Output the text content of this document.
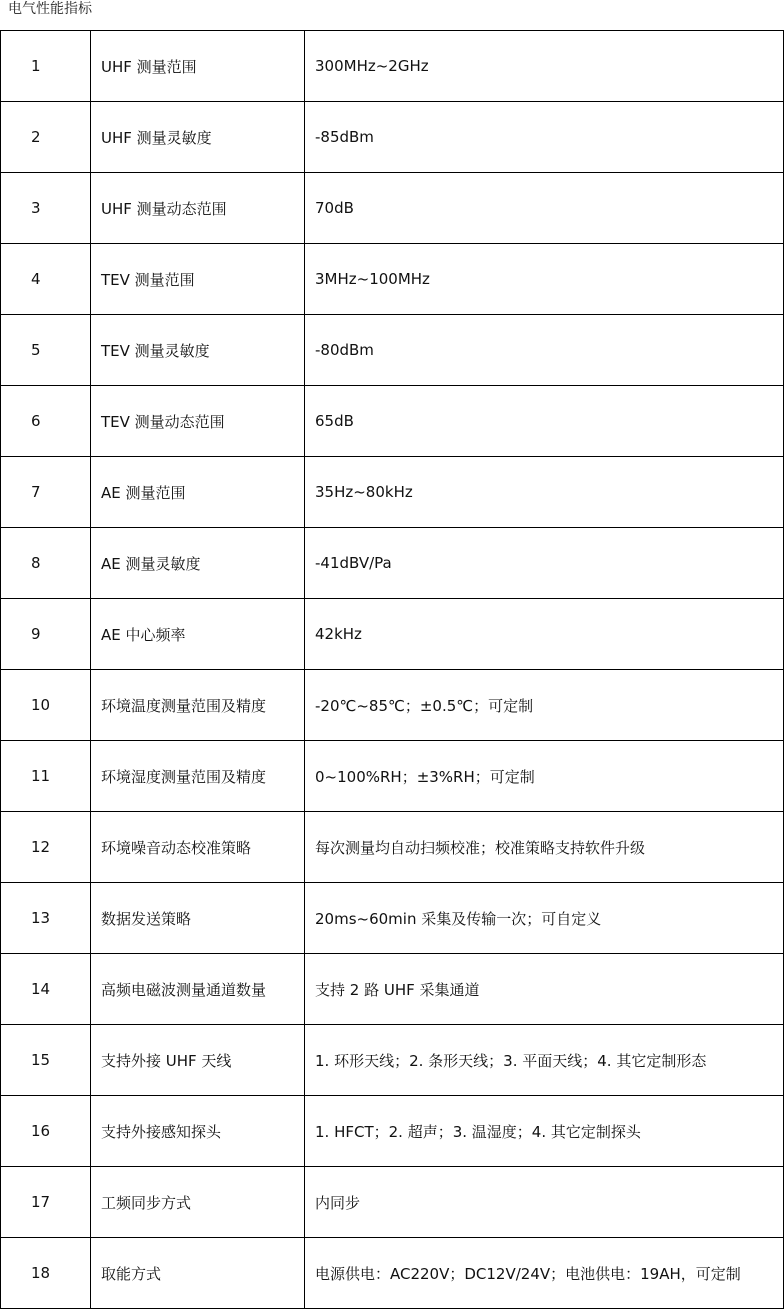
电气性能指标
1	UHF 测量范围	300MHz~2GHz
2	UHF 测量灵敏度	-85dBm
3	UHF 测量动态范围	70dB
4	TEV 测量范围	3MHz~100MHz
5	TEV 测量灵敏度	-80dBm
6	TEV 测量动态范围	65dB
7	AE 测量范围	35Hz~80kHz
8	AE 测量灵敏度	-41dBV/Pa
9	AE 中心频率	42kHz
10	环境温度测量范围及精度	-20℃~85℃；±0.5℃；可定制
11	环境湿度测量范围及精度	0~100%RH；±3%RH；可定制
12	环境噪音动态校准策略	每次测量均自动扫频校准；校准策略支持软件升级
13	数据发送策略	20ms~60min 采集及传输一次；可自定义
14	高频电磁波测量通道数量	支持 2 路 UHF 采集通道
15	支持外接 UHF 天线	1. 环形天线；2. 条形天线；3. 平面天线；4. 其它定制形态
16	支持外接感知探头	1. HFCT；2. 超声；3. 温湿度；4. 其它定制探头
17	工频同步方式	内同步
18	取能方式	电源供电：AC220V；DC12V/24V；电池供电：19AH，可定制
